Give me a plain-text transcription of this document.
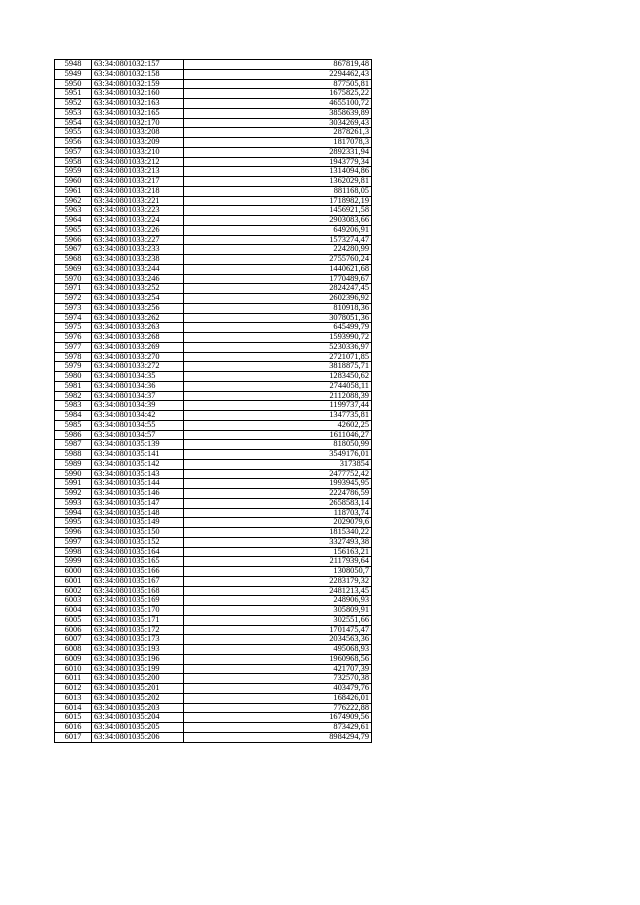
5948	63:34:0801032:157	867819,48
5949	63:34:0801032:158	2294462,43
5950	63:34:0801032:159	877505,81
5951	63:34:0801032:160	1675825,22
5952	63:34:0801032:163	4655100,72
5953	63:34:0801032:165	3858639,89
5954	63:34:0801032:170	3034269,43
5955	63:34:0801033:208	2878261,3
5956	63:34:0801033:209	1817078,3
5957	63:34:0801033:210	2892331,94
5958	63:34:0801033:212	1943779,34
5959	63:34:0801033:213	1314094,86
5960	63:34:0801033:217	1362029,81
5961	63:34:0801033:218	881168,05
5962	63:34:0801033:221	1718982,19
5963	63:34:0801033:223	1456921,58
5964	63:34:0801033:224	2903083,66
5965	63:34:0801033:226	649206,91
5966	63:34:0801033:227	1573274,47
5967	63:34:0801033:233	224280,99
5968	63:34:0801033:238	2755760,24
5969	63:34:0801033:244	1440621,68
5970	63:34:0801033:246	1770489,67
5971	63:34:0801033:252	2824247,45
5972	63:34:0801033:254	2602396,92
5973	63:34:0801033:256	810918,36
5974	63:34:0801033:262	3078051,36
5975	63:34:0801033:263	645499,79
5976	63:34:0801033:268	1593990,72
5977	63:34:0801033:269	5230336,97
5978	63:34:0801033:270	2721071,85
5979	63:34:0801033:272	3818875,71
5980	63:34:0801034:35	1283450,62
5981	63:34:0801034:36	2744058,11
5982	63:34:0801034:37	2112088,39
5983	63:34:0801034:39	1199737,44
5984	63:34:0801034:42	1347735,81
5985	63:34:0801034:55	42602,25
5986	63:34:0801034:57	1611046,27
5987	63:34:0801035:139	818050,99
5988	63:34:0801035:141	3549176,01
5989	63:34:0801035:142	3173854
5990	63:34:0801035:143	2477752,42
5991	63:34:0801035:144	1993945,95
5992	63:34:0801035:146	2224786,59
5993	63:34:0801035:147	2658583,14
5994	63:34:0801035:148	118703,74
5995	63:34:0801035:149	2029079,6
5996	63:34:0801035:150	1815340,22
5997	63:34:0801035:152	3327493,38
5998	63:34:0801035:164	156163,21
5999	63:34:0801035:165	2117939,64
6000	63:34:0801035:166	1308050,7
6001	63:34:0801035:167	2283179,32
6002	63:34:0801035:168	2481213,45
6003	63:34:0801035:169	248906,93
6004	63:34:0801035:170	305809,91
6005	63:34:0801035:171	302551,66
6006	63:34:0801035:172	1701475,47
6007	63:34:0801035:173	2034563,36
6008	63:34:0801035:193	495068,93
6009	63:34:0801035:196	1960968,56
6010	63:34:0801035:199	421707,39
6011	63:34:0801035:200	732570,38
6012	63:34:0801035:201	403479,76
6013	63:34:0801035:202	168426,01
6014	63:34:0801035:203	776222,88
6015	63:34:0801035:204	1674909,56
6016	63:34:0801035:205	873429,61
6017	63:34:0801035:206	8984294,79
